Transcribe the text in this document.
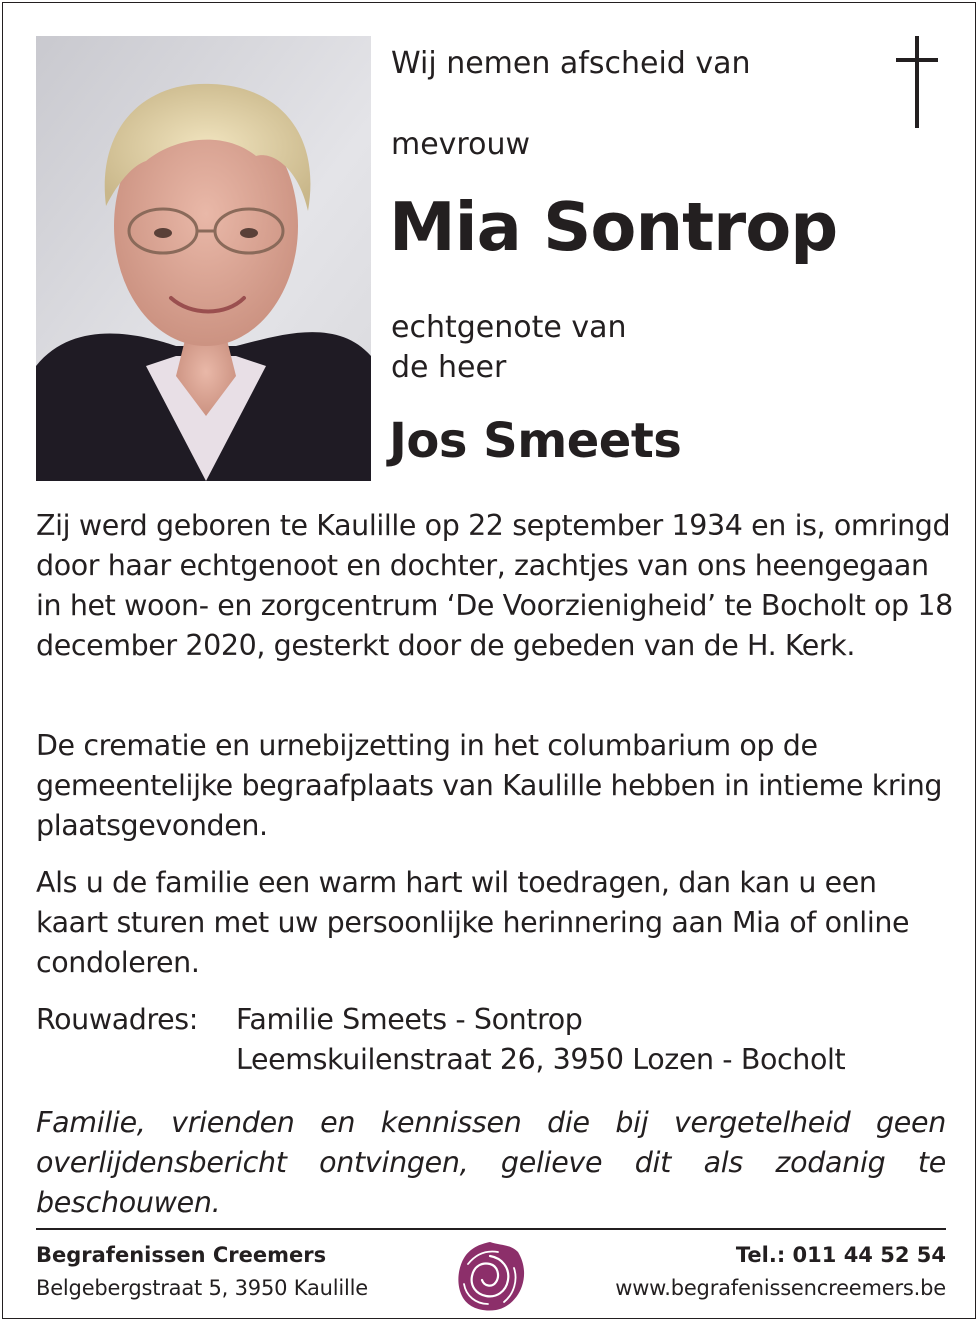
Wij nemen afscheid van
mevrouw
Mia Sontrop
echtgenote van
de heer
Jos Smeets

Zij werd geboren te Kaulille op 22 september 1934 en is, omringd door haar echtgenoot en dochter, zachtjes van ons heengegaan in het woon- en zorgcentrum ‘De Voorzienigheid’ te Bocholt op 18 december 2020, gesterkt door de gebeden van de H. Kerk.

De crematie en urnebijzetting in het columbarium op de gemeentelijke begraafplaats van Kaulille hebben in intieme kring plaatsgevonden.

Als u de familie een warm hart wil toedragen, dan kan u een kaart sturen met uw persoonlijke herinnering aan Mia of online condoleren.

Rouwadres: Familie Smeets - Sontrop
Leemskuilenstraat 26, 3950 Lozen - Bocholt

Familie, vrienden en kennissen die bij vergetelheid geen overlijdensbericht ontvingen, gelieve dit als zodanig te beschouwen.

Begrafenissen Creemers
Belgebergstraat 5, 3950 Kaulille
Tel.: 011 44 52 54
www.begrafenissencreemers.be
